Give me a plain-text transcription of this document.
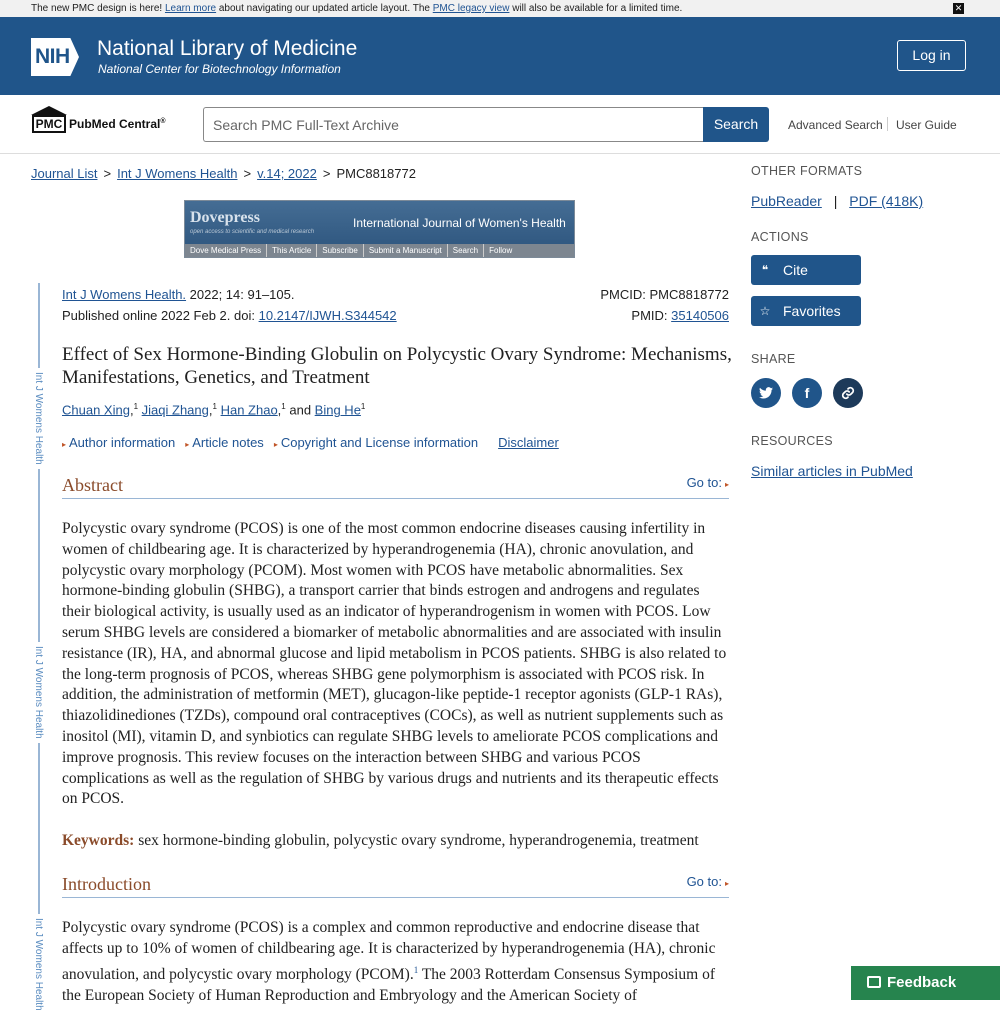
The new PMC design is here! Learn more about navigating our updated article layout. The PMC legacy view will also be available for a limited time.	✕
NIH National Library of Medicine
National Center for Biotechnology Information
Log in
PMC PubMed Central®
Search PMC Full-Text Archive	Search	Advanced Search User Guide
Journal List > Int J Womens Health > v.14; 2022 > PMC8818772
Dovepress
open access to scientific and medical research
International Journal of Women's Health
Dove Medical Press	This Article	Subscribe	Submit a Manuscript	Search	Follow
Int J Womens Health
Int J Womens Health
Int J Womens Health
Int J Womens Health. 2022; 14: 91–105.
Published online 2022 Feb 2. doi: 10.2147/IJWH.S344542
PMCID: PMC8818772
PMID: 35140506
Effect of Sex Hormone-Binding Globulin on Polycystic Ovary Syndrome: Mechanisms, Manifestations, Genetics, and Treatment
Chuan Xing,$^1$ Jiaqi Zhang,$^1$ Han Zhao,$^1$ and Bing He$^1$
▸ Author information ▸ Article notes ▸ Copyright and License information Disclaimer
Abstract	Go to: ▸

Polycystic ovary syndrome (PCOS) is one of the most common endocrine diseases causing infertility in women of childbearing age. It is characterized by hyperandrogenemia (HA), chronic anovulation, and polycystic ovary morphology (PCOM). Most women with PCOS have metabolic abnormalities. Sex hormone-binding globulin (SHBG), a transport carrier that binds estrogen and androgens and regulates their biological activity, is usually used as an indicator of hyperandrogenism in women with PCOS. Low serum SHBG levels are considered a biomarker of metabolic abnormalities and are associated with insulin resistance (IR), HA, and abnormal glucose and lipid metabolism in PCOS patients. SHBG is also related to the long-term prognosis of PCOS, whereas SHBG gene polymorphism is associated with PCOS risk. In addition, the administration of metformin (MET), glucagon-like peptide-1 receptor agonists (GLP-1 RAs), thiazolidinediones (TZDs), compound oral contraceptives (COCs), as well as nutrient supplements such as inositol (MI), vitamin D, and synbiotics can regulate SHBG levels to ameliorate PCOS complications and improve prognosis. This review focuses on the interaction between SHBG and various PCOS complications as well as the regulation of SHBG by various drugs and nutrients and its therapeutic effects on PCOS.

Keywords: sex hormone-binding globulin, polycystic ovary syndrome, hyperandrogenemia, treatment
Introduction	Go to: ▸

Polycystic ovary syndrome (PCOS) is a complex and common reproductive and endocrine disease that affects up to 10% of women of childbearing age. It is characterized by hyperandrogenemia (HA), chronic anovulation, and polycystic ovary morphology (PCOM).$^1$ The 2003 Rotterdam Consensus Symposium of the European Society of Human Reproduction and Embryology and the American Society of

OTHER FORMATS
PubReader | PDF (418K)
ACTIONS
❝ Cite
☆ Favorites
SHARE
f
RESOURCES
Similar articles in PubMed
Feedback
